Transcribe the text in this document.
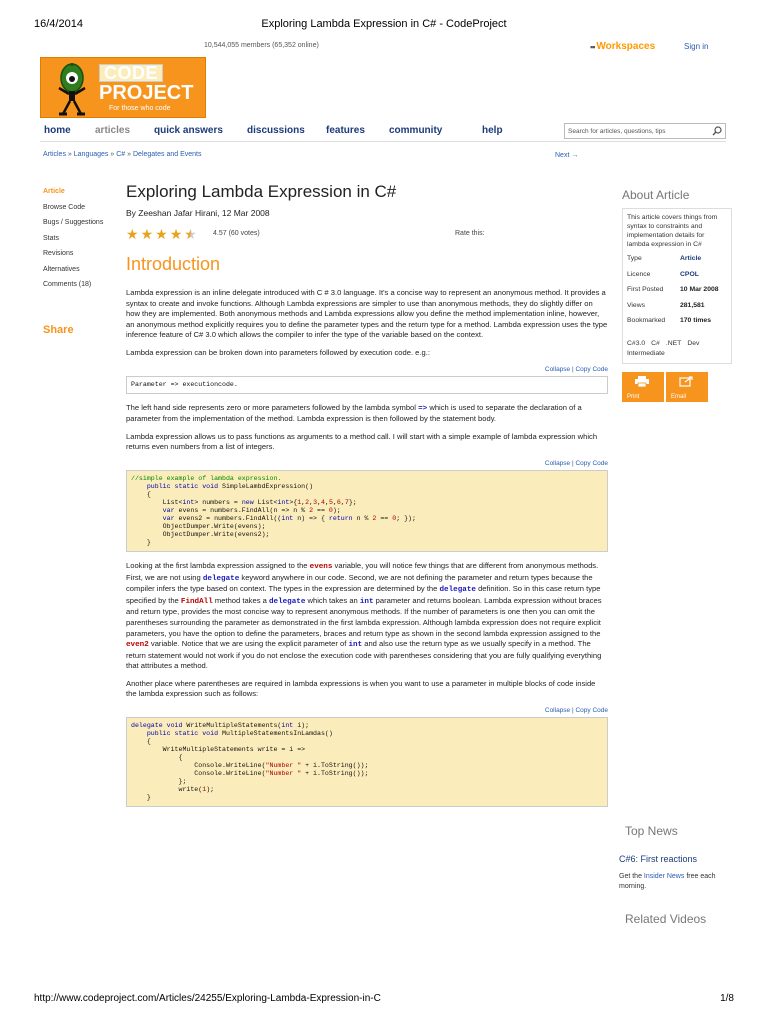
16/4/2014	Exploring Lambda Expression in C# - CodeProject
10,544,055 members (65,352 online)	▪▪ Workspaces	Sign in
CODE
PROJECT
For those who code
home articles quick answers discussions features community	help	Search for articles, questions, tips
Articles » Languages » C# » Delegates and Events	Next →
Article
Browse Code
Bugs / Suggestions
Stats
Revisions
Alternatives
Comments (18)
Share
Exploring Lambda Expression in C#
By Zeeshan Jafar Hirani, 12 Mar 2008
★ ★ ★ ★ ★ 4.57 (60 votes)	Rate this:
Introduction

Lambda expression is an inline delegate introduced with C # 3.0 language. It's a concise way to represent an anonymous method. It provides a syntax to create and invoke functions. Although Lambda expressions are simpler to use than anonymous methods, they do slightly differ on how they are implemented. Both anonymous methods and Lambda expressions allow you define the method implementation inline, however, an anonymous method explicitly requires you to define the parameter types and the return type for a method. Lambda expression uses the type inference feature of C# 3.0 which allows the compiler to infer the type of the variable based on the context.

Lambda expression can be broken down into parameters followed by execution code. e.g.:

Collapse | Copy Code
Parameter => executioncode.

The left hand side represents zero or more parameters followed by the lambda symbol => which is used to separate the declaration of a parameter from the implementation of the method. Lambda expression is then followed by the statement body.

Lambda expression allows us to pass functions as arguments to a method call. I will start with a simple example of lambda expression which returns even numbers from a list of integers.

Collapse | Copy Code
//simple example of lambda expression.
public static void SimpleLambdExpression()
{
List<int> numbers = new List<int>{1,2,3,4,5,6,7};
var evens = numbers.FindAll(n => n % 2 == 0);
var evens2 = numbers.FindAll((int n) => { return n % 2 == 0; });
ObjectDumper.Write(evens);
ObjectDumper.Write(evens2);
}

Looking at the first lambda expression assigned to the evens variable, you will notice few things that are different from anonymous methods. First, we are not using delegate keyword anywhere in our code. Second, we are not defining the parameter and return types because the compiler infers the type based on context. The types in the expression are determined by the delegate definition. So in this case return type specified by the FindAll method takes a delegate which takes an int parameter and returns boolean. Lambda expression without braces and return type, provides the most concise way to represent anonymous methods. If the number of parameters is one then you can omit the parentheses surrounding the parameter as demonstrated in the first lambda expression. Although lambda expression does not require explicit parameters, you have the option to define the parameters, braces and return type as shown in the second lambda expression assigned to the even2 variable. Notice that we are using the explicit parameter of int and also use the return type as we usually specify in a method. The return statement would not work if you do not enclose the execution code with parentheses considering that you are fully qualifying everything that attributes a method.

Another place where parentheses are required in lambda expressions is when you want to use a parameter in multiple blocks of code inside the lambda expression such as follows:

Collapse | Copy Code
delegate void WriteMultipleStatements(int i);
public static void MultipleStatementsInLamdas()
{
WriteMultipleStatements write = i =>
{
Console.WriteLine("Number " + i.ToString());
Console.WriteLine("Number " + i.ToString());
};
write(1);
}
About Article
This article covers things from syntax to constraints and implementation details for lambda expression in C#
Type	Article
Licence	CPOL
First Posted	10 Mar 2008
Views	281,581
Bookmarked	170 times
C#3.0 C# .NET Dev
Intermediate
Print	Email
Top News
C#6: First reactions
Get the Insider News free each morning.
Related Videos
http://www.codeproject.com/Articles/24255/Exploring-Lambda-Expression-in-C	1/8
